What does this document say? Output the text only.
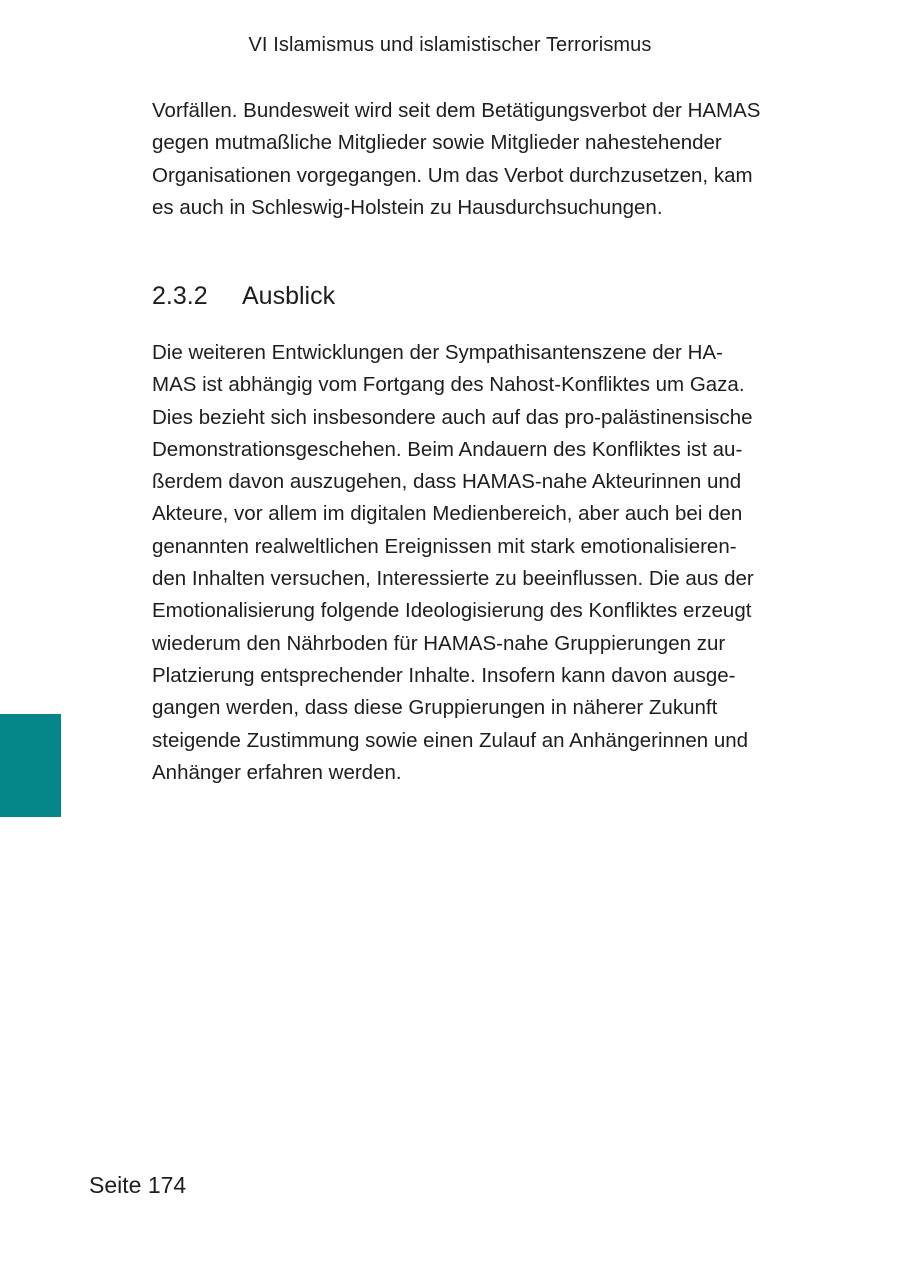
VI Islamismus und islamistischer Terrorismus

Vorfällen. Bundesweit wird seit dem Betätigungsverbot der HAMAS
gegen mutmaßliche Mitglieder sowie Mitglieder nahestehender
Organisationen vorgegangen. Um das Verbot durchzusetzen, kam
es auch in Schleswig-Holstein zu Hausdurchsuchungen.

2.3.2 Ausblick

Die weiteren Entwicklungen der Sympathisantenszene der HA-
MAS ist abhängig vom Fortgang des Nahost-Konfliktes um Gaza.
Dies bezieht sich insbesondere auch auf das pro-palästinensische
Demonstrationsgeschehen. Beim Andauern des Konfliktes ist au-
ßerdem davon auszugehen, dass HAMAS-nahe Akteurinnen und
Akteure, vor allem im digitalen Medienbereich, aber auch bei den
genannten realweltlichen Ereignissen mit stark emotionalisieren-
den Inhalten versuchen, Interessierte zu beeinflussen. Die aus der
Emotionalisierung folgende Ideologisierung des Konfliktes erzeugt
wiederum den Nährboden für HAMAS-nahe Gruppierungen zur
Platzierung entsprechender Inhalte. Insofern kann davon ausge-
gangen werden, dass diese Gruppierungen in näherer Zukunft
steigende Zustimmung sowie einen Zulauf an Anhängerinnen und
Anhänger erfahren werden.

Seite 174
